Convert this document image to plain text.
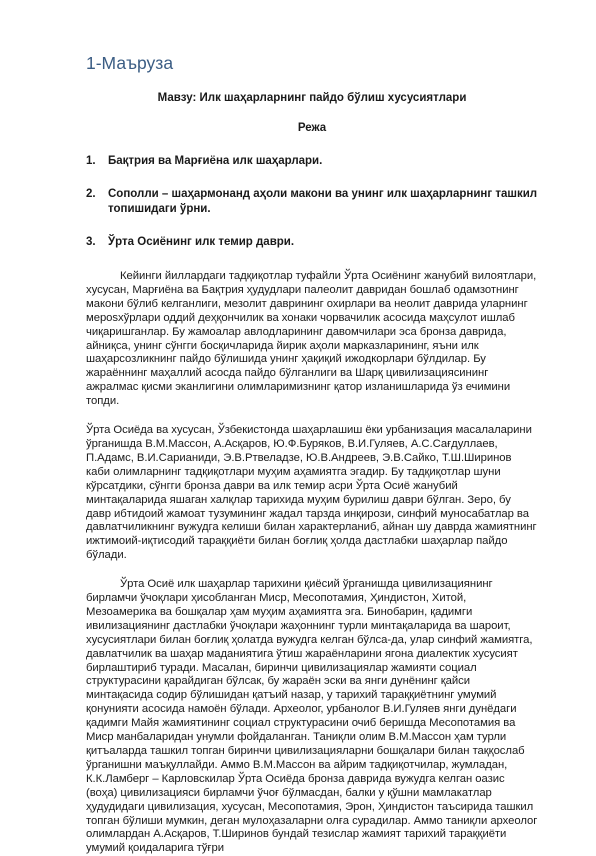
1-Маъруза

Мавзу: Илк шаҳарларнинг пайдо бўлиш хусусиятлари

Режа

1. Бақтрия ва Марғиёна илк шаҳарлари.
2. Сополли – шаҳармонанд аҳоли макони ва унинг илк шаҳарларнинг ташкил топишидаги ўрни.
3. Ўрта Осиёнинг илк темир даври.

Кейинги йиллардаги тадқиқотлар туфайли Ўрта Осиёнинг жанубий вилоятлари, хусусан, Марғиёна ва Бақтрия ҳудудлари палеолит давридан бошлаб одамзотнинг макони бўлиб келганлиги, мезолит даврининг охирлари ва неолит даврида уларнинг мерosхўрлари оддий деҳқончилик ва хонаки чорвачилик асосида маҳсулот ишлаб чиқаришганлар. Бу жамоалар авлодларининг давомчилари эса бронза даврида, айниқса, унинг сўнгги босқичларида йирик аҳоли марказларининг, яъни илк шаҳарсозликнинг пайдо бўлишида унинг ҳақиқий ижодкорлари бўлдилар. Бу жараённинг маҳаллий асосда пайдо бўлганлиги ва Шарқ цивилизациясининг ажралмас қисми эканлигини олимларимизнинг қатор изланишларида ўз ечимини топди.

Ўрта Осиёда ва хусусан, Ўзбекистонда шаҳарлашиш ёки урбанизация масалаларини ўрганишда В.М.Массон, А.Асқаров, Ю.Ф.Буряков, В.И.Гуляев, А.С.Сағдуллаев, П.Адамс, В.И.Сарианиди, Э.В.Ртвеладзе, Ю.В.Андреев, Э.В.Сайко, Т.Ш.Ширинов каби олимларнинг тадқиқотлари муҳим аҳамиятга эгадир. Бу тадқиқотлар шуни кўрсатдики, сўнгги бронза даври ва илк темир асри Ўрта Осиё жанубий минтақаларида яшаган халқлар тарихида муҳим бурилиш даври бўлган. Зеро, бу давр ибтидоий жамоат тузумининг жадал тарзда инқирози, синфий муносабатлар ва давлатчиликнинг вужудга келиши билан характерланиб, айнан шу даврда жамиятнинг ижтимоий-иқтисодий тараққиёти билан боғлиқ ҳолда дастлабки шаҳарлар пайдо бўлади.

Ўрта Осиё илк шаҳарлар тарихини қиёсий ўрганишда цивилизациянинг бирламчи ўчоқлари ҳисобланган Миср, Месопотамия, Ҳиндистон, Хитой, Мезоамерика ва бошқалар ҳам муҳим аҳамиятга эга. Бинобарин, қадимги ивилизациянинг дастлабки ўчоқлари жаҳоннинг турли минтақаларида ва шароит, хусусиятлари билан боғлиқ ҳолатда вужудга келган бўлса-да, улар синфий жамиятга, давлатчилик ва шаҳар маданиятига ўтиш жараёнларини ягона диалектик хусусият бирлаштириб туради. Масалан, биринчи цивилизациялар жамияти социал структурасини қарайдиган бўлсак, бу жараён эски ва янги дунёнинг қайси минтақасида содир бўлишидан қатъий назар, у тарихий тараққиётнинг умумий қонунияти асосида намоён бўлади. Археолог, урбанолог В.И.Гуляев янги дунёдаги қадимги Майя жамиятининг социал структурасини очиб беришда Месопотамия ва Миср манбаларидан унумли фойдаланган. Таниқли олим В.М.Массон ҳам турли қитъаларда ташкил топган биринчи цивилизацияларни бошқалари билан таққослаб ўрганишни маъқуллайди. Аммо В.М.Массон ва айрим тадқиқотчилар, жумладан, К.К.Ламберг – Карловскилар Ўрта Осиёда бронза даврида вужудга келган оазис (воҳа) цивилизацияси бирламчи ўчоғ бўлмасдан, балки у қўшни мамлакатлар ҳудудидаги цивилизация, хусусан, Месопотамия, Эрон, Ҳиндистон таъсирида ташкил топган бўлиши мумкин, деган мулоҳазаларни олға сурадилар. Аммо таниқли археолог олимлардан А.Асқаров, Т.Ширинов бундай тезислар жамият тарихий тараққиёти умумий қоидаларига тўғри
